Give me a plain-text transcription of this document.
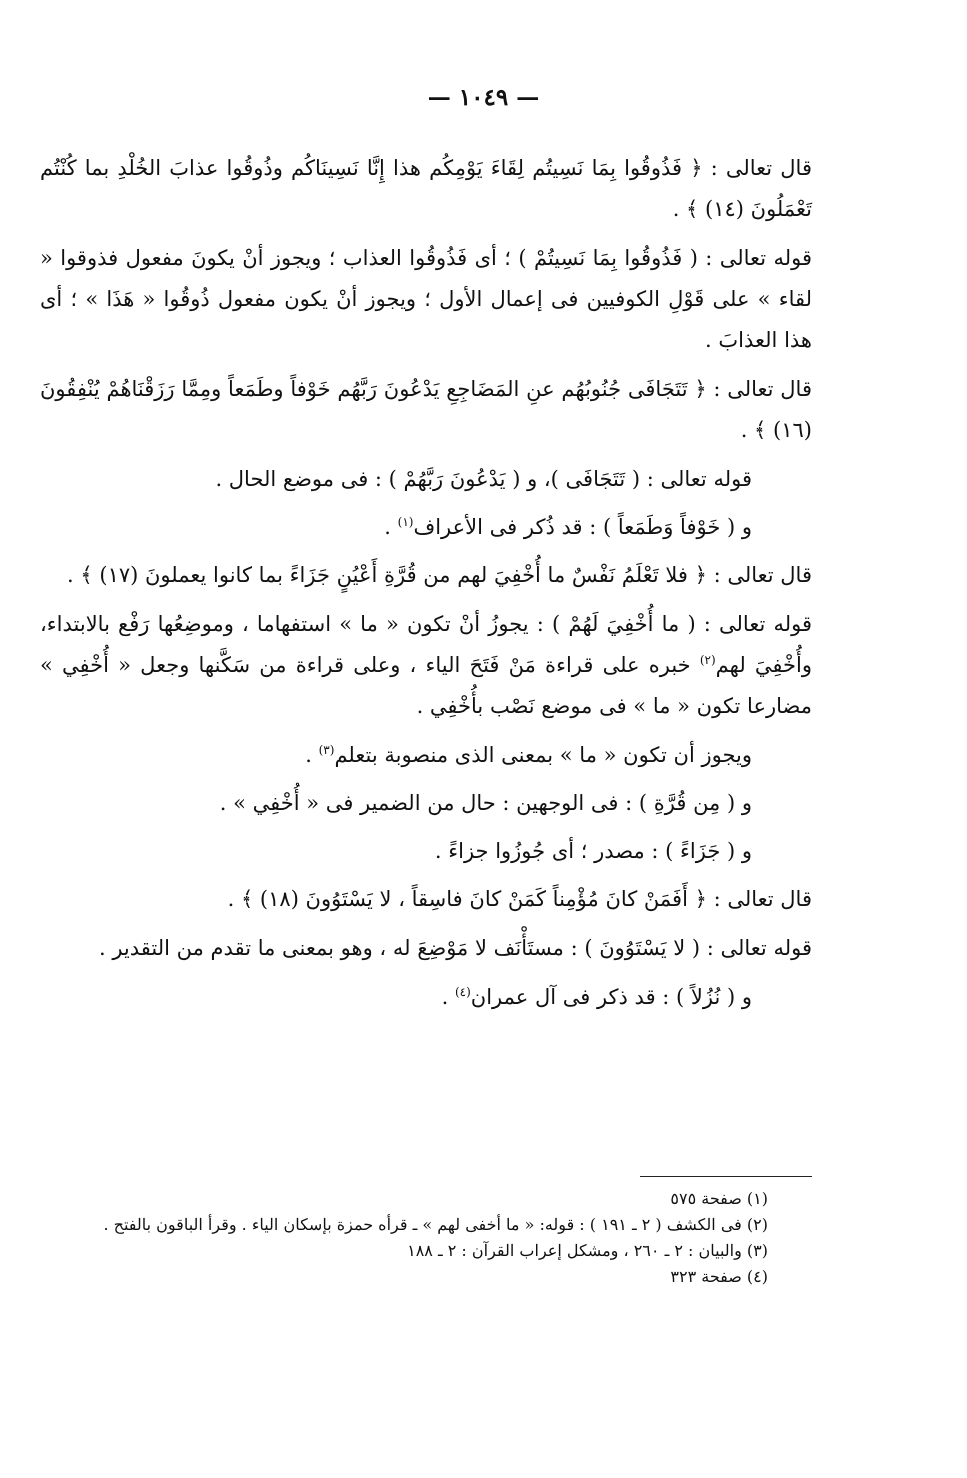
— ١٠٤٩ —

قال تعالى : ﴿ فَذُوقُوا بِمَا نَسِيتُم لِقَاءَ يَوْمِكُم هذا إِنَّا نَسِينَاكُم وذُوقُوا عذابَ الخُلْدِ بما كُنْتُم تَعْمَلُونَ (١٤) ﴾ .

قوله تعالى : ( فَذُوقُوا بِمَا نَسِيتُمْ ) ؛ أى فَذُوقُوا العذاب ؛ ويجوز أنْ يكونَ مفعول فذوقوا « لقاء » على قَوْلِ الكوفيين فى إعمال الأول ؛ ويجوز أنْ يكون مفعول ذُوقُوا « هَذَا » ؛ أى هذا العذابَ .

قال تعالى : ﴿ تَتَجَافَى جُنُوبُهُم عنِ المَضَاجِعِ يَدْعُونَ رَبَّهُم خَوْفاً وطَمَعاً ومِمَّا رَزَقْنَاهُمْ يُنْفِقُونَ (١٦) ﴾ .

قوله تعالى : ( تَتَجَافَى )، و ( يَدْعُونَ رَبَّهُمْ ) : فى موضع الحال .

و ( خَوْفاً وَطَمَعاً ) : قد ذُكر فى الأعراف$^{(١)}$ .

قال تعالى : ﴿ فلا تَعْلَمُ نَفْسٌ ما أُخْفِيَ لهم من قُرَّةِ أَعْيُنٍ جَزَاءً بما كانوا يعملونَ (١٧) ﴾ .

قوله تعالى : ( ما أُخْفِيَ لَهُمْ ) : يجوزُ أنْ تكون « ما » استفهاما ، وموضِعُها رَفْع بالابتداء، وأُخْفِيَ لهم$^{(٢)}$ خبره على قراءة مَنْ فَتَحَ الياء ، وعلى قراءة من سَكَّنها وجعل « أُخْفِي » مضارعا تكون « ما » فى موضع نَصْب بأُخْفِي .

ويجوز أن تكون « ما » بمعنى الذى منصوبة بتعلم$^{(٣)}$ .

و ( مِن قُرَّةِ ) : فى الوجهين : حال من الضمير فى « أُخْفِي » .

و ( جَزَاءً ) : مصدر ؛ أى جُوزُوا جزاءً .

قال تعالى : ﴿ أَفَمَنْ كانَ مُؤْمِناً كَمَنْ كانَ فاسِقاً ، لا يَسْتَوُونَ (١٨) ﴾ .

قوله تعالى : ( لا يَسْتَوُونَ ) : مستَأْنَف لا مَوْضِعَ له ، وهو بمعنى ما تقدم من التقدير .

و ( نُزُلاً ) : قد ذكر فى آل عمران$^{(٤)}$ .

(١) صفحة ٥٧٥

(٢) فى الكشف ( ٢ ـ ١٩١ ) : قوله: « ما أخفى لهم » ـ قرأه حمزة بإسكان الياء . وقرأ الباقون بالفتح .

(٣) والبيان : ٢ ـ ٢٦٠ ، ومشكل إعراب القرآن : ٢ ـ ١٨٨

(٤) صفحة ٣٢٣
